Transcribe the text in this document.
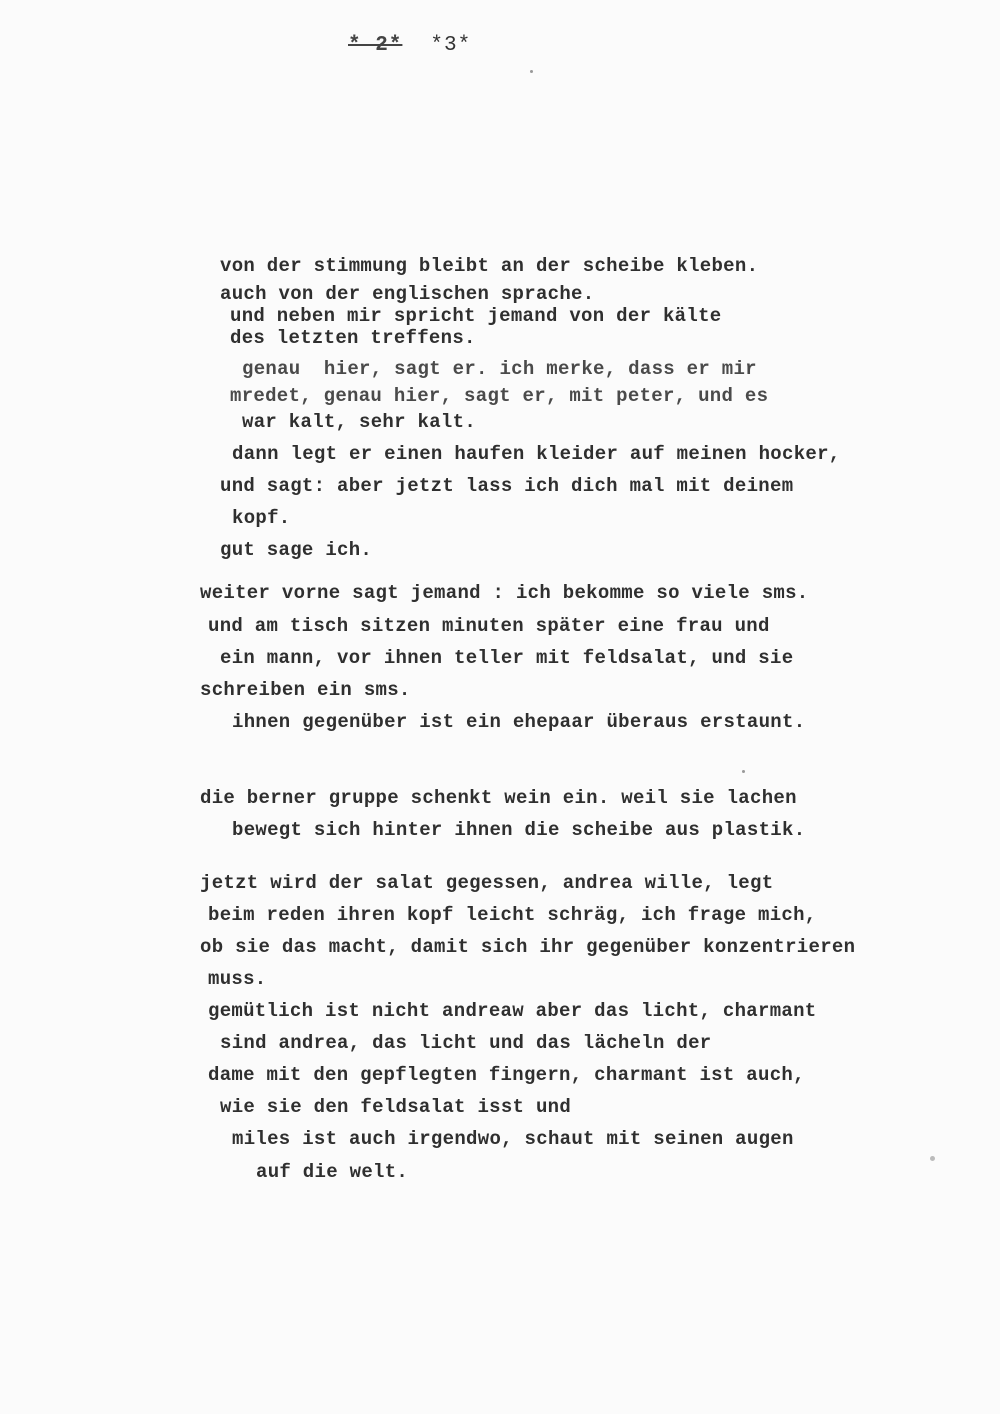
* 2* *3*
von der stimmung bleibt an der scheibe kleben.
auch von der englischen sprache.
und neben mir spricht jemand von der kälte
des letzten treffens.
genau  hier, sagt er. ich merke, dass er mir
mredet, genau hier, sagt er, mit peter, und es
war kalt, sehr kalt.
dann legt er einen haufen kleider auf meinen hocker,
und sagt: aber jetzt lass ich dich mal mit deinem
kopf.
gut sage ich.
weiter vorne sagt jemand : ich bekomme so viele sms.
und am tisch sitzen minuten später eine frau und
ein mann, vor ihnen teller mit feldsalat, und sie
schreiben ein sms.
ihnen gegenüber ist ein ehepaar überaus erstaunt.
die berner gruppe schenkt wein ein. weil sie lachen
bewegt sich hinter ihnen die scheibe aus plastik.
jetzt wird der salat gegessen, andrea wille, legt
beim reden ihren kopf leicht schräg, ich frage mich,
ob sie das macht, damit sich ihr gegenüber konzentrieren
muss.
gemütlich ist nicht andreaw aber das licht, charmant
sind andrea, das licht und das lächeln der
dame mit den gepflegten fingern, charmant ist auch,
wie sie den feldsalat isst und
miles ist auch irgendwo, schaut mit seinen augen
auf die welt.
